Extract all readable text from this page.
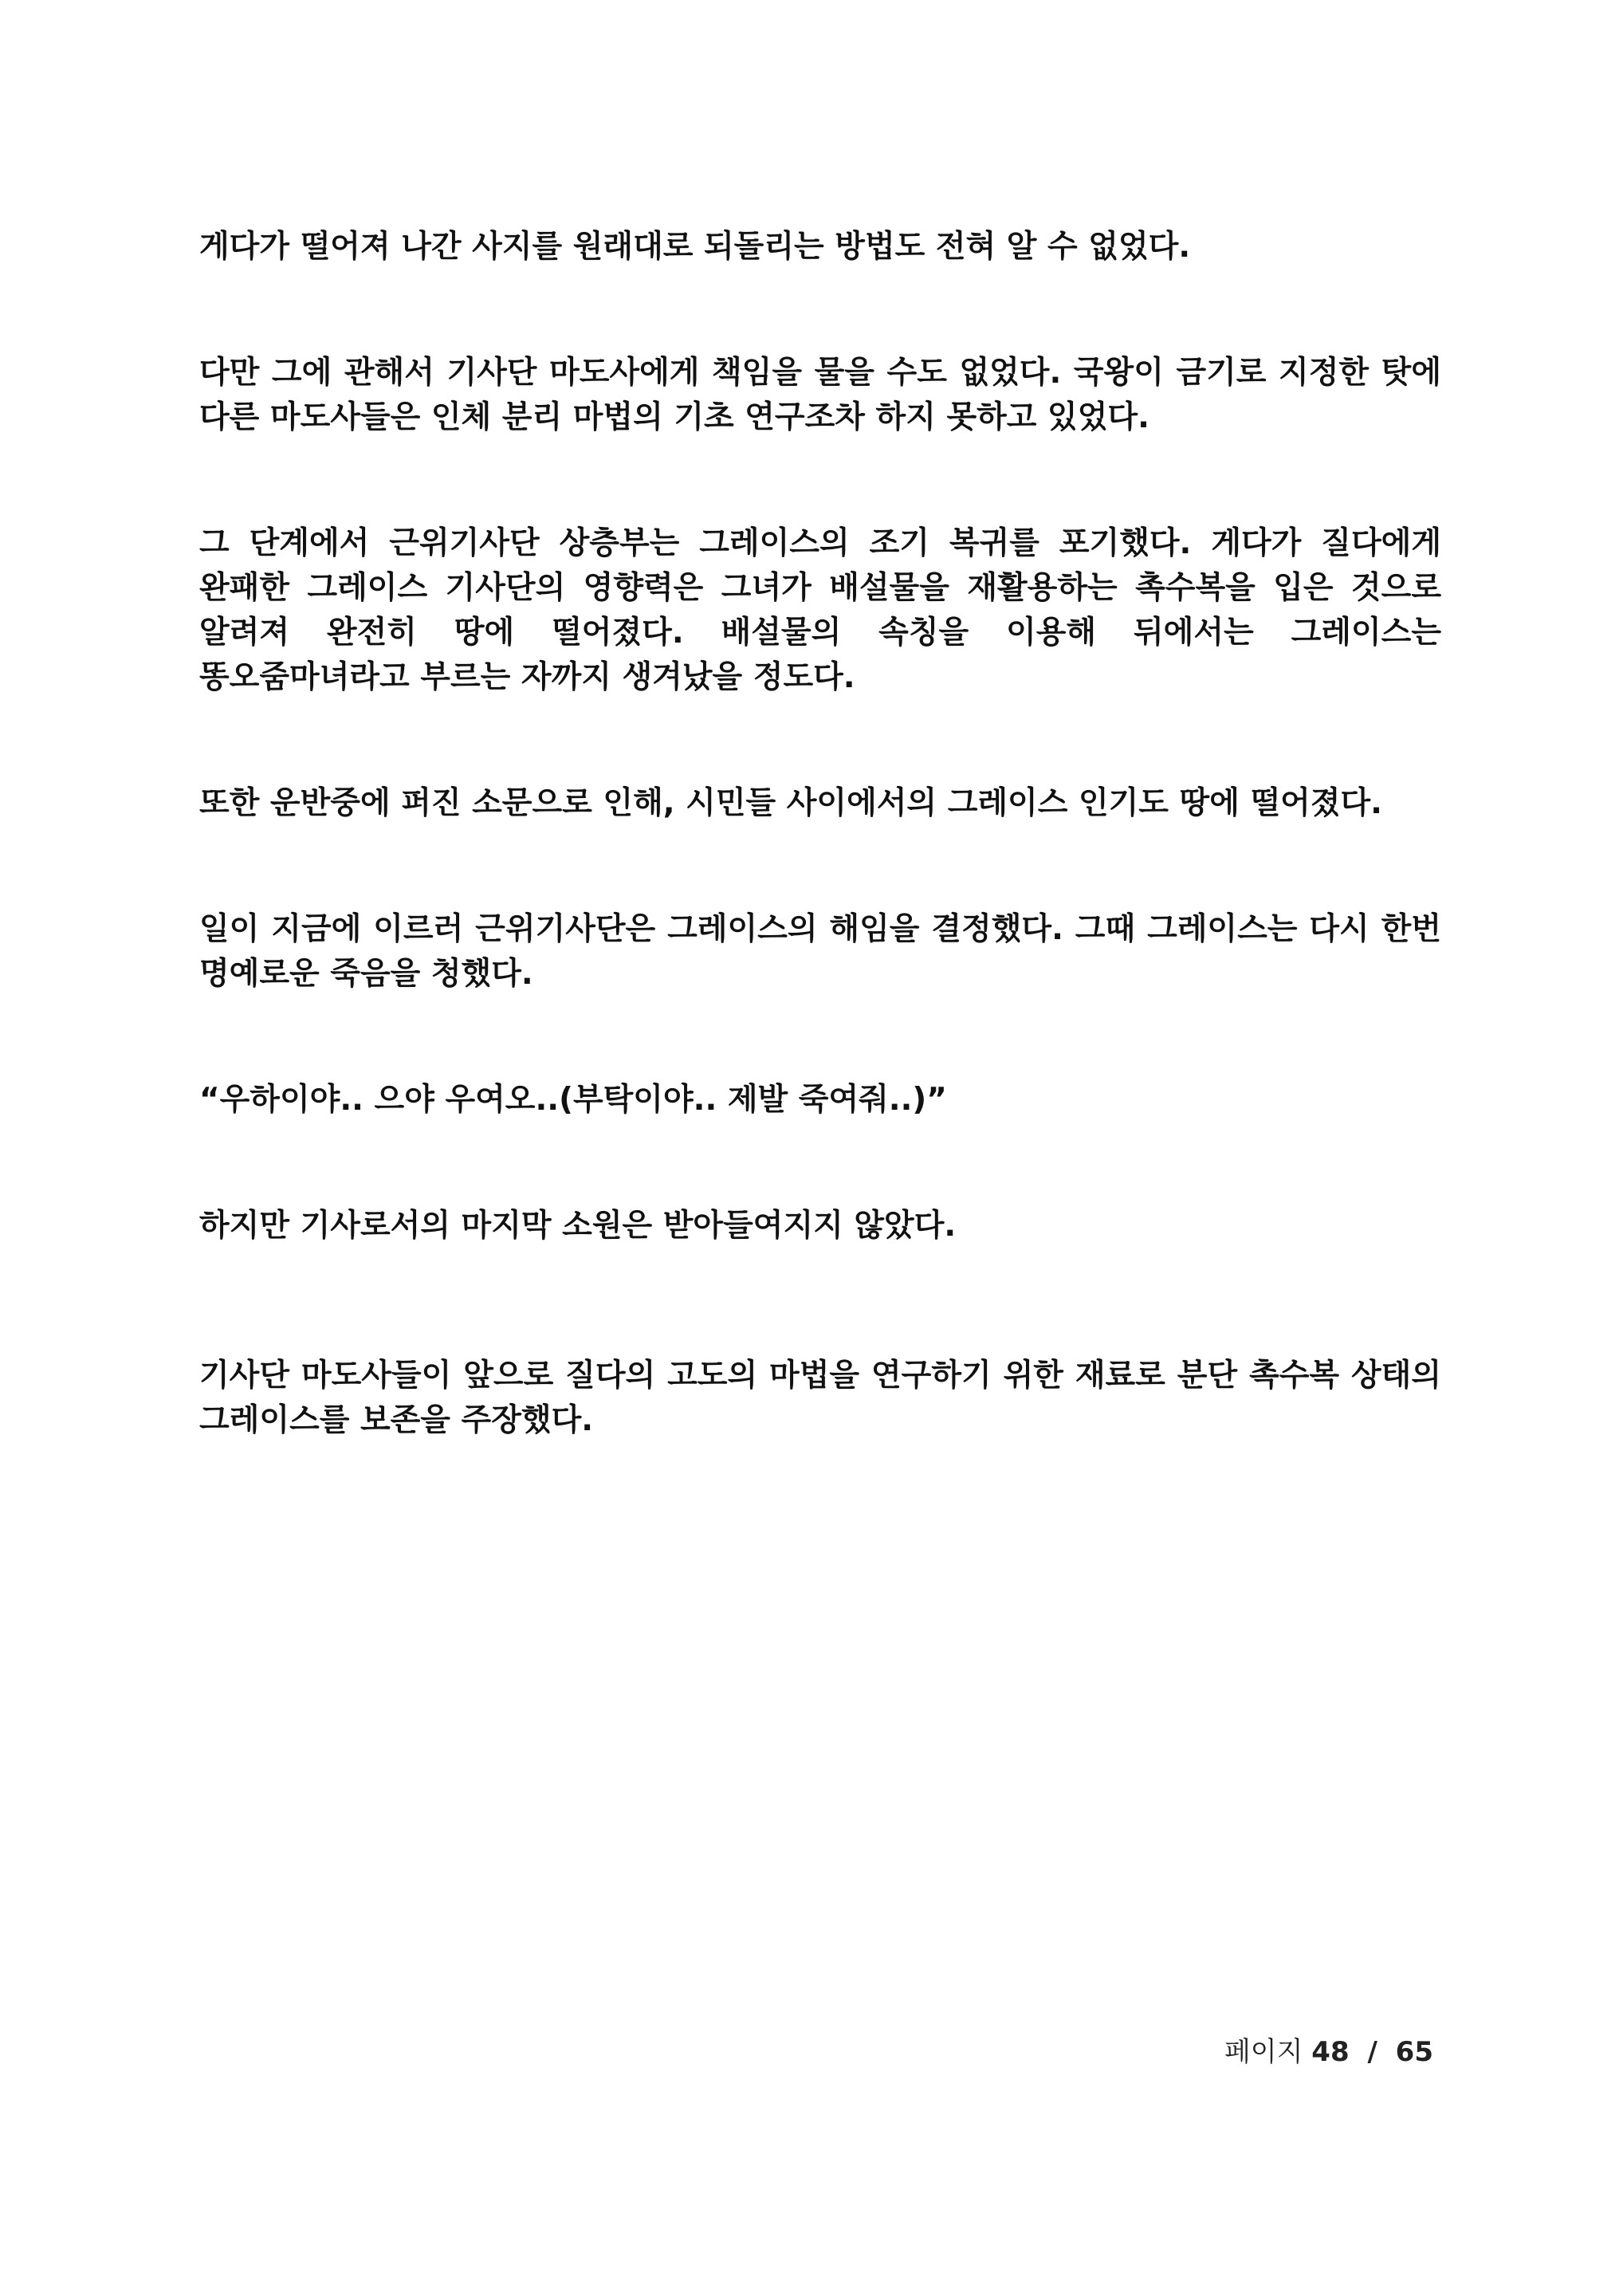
게다가 떨어져 나간 사지를 원래대로 되돌리는 방법도 전혀 알 수 없었다.

다만 그에 관해서 기사단 마도사에게 책임을 물을 수도 없었다. 국왕이 금기로 지정한 탓에 다른 마도사들은 인체 분리 마법의 기초 연구조차 하지 못하고 있었다.

그 단계에서 근위기사단 상층부는 그레이스의 조기 복귀를 포기했다. 게다가 질다에게 완패한 그레이스 기사단의 영향력은 그녀가 배설물을 재활용하는 촉수복을 입은 것으로 알려져 완전히 땅에 떨어졌다. 배설물의 속칭을 이용해 뒤에서는 그레이스는 똥오줌마녀라고 부르는 자까지 생겨났을 정도다.

또한 운반중에 퍼진 소문으로 인해, 시민들 사이에서의 그레이스 인기도 땅에 떨어졌다.

일이 지금에 이르러 근위기사단은 그레이스의 해임을 결정했다. 그때 그레이스는 다시 한번 명예로운 죽음을 청했다.

“우하이야.. 으야 우여오..(부탁이야.. 제발 죽여줘..)”

하지만 기사로서의 마지막 소원은 받아들여지지 않았다.

기사단 마도사들이 앞으로 질다의 고도의 마법을 연구하기 위한 재료로 분단 촉수복 상태의 그레이스를 보존을 주장했다.

페이지 48 / 65
